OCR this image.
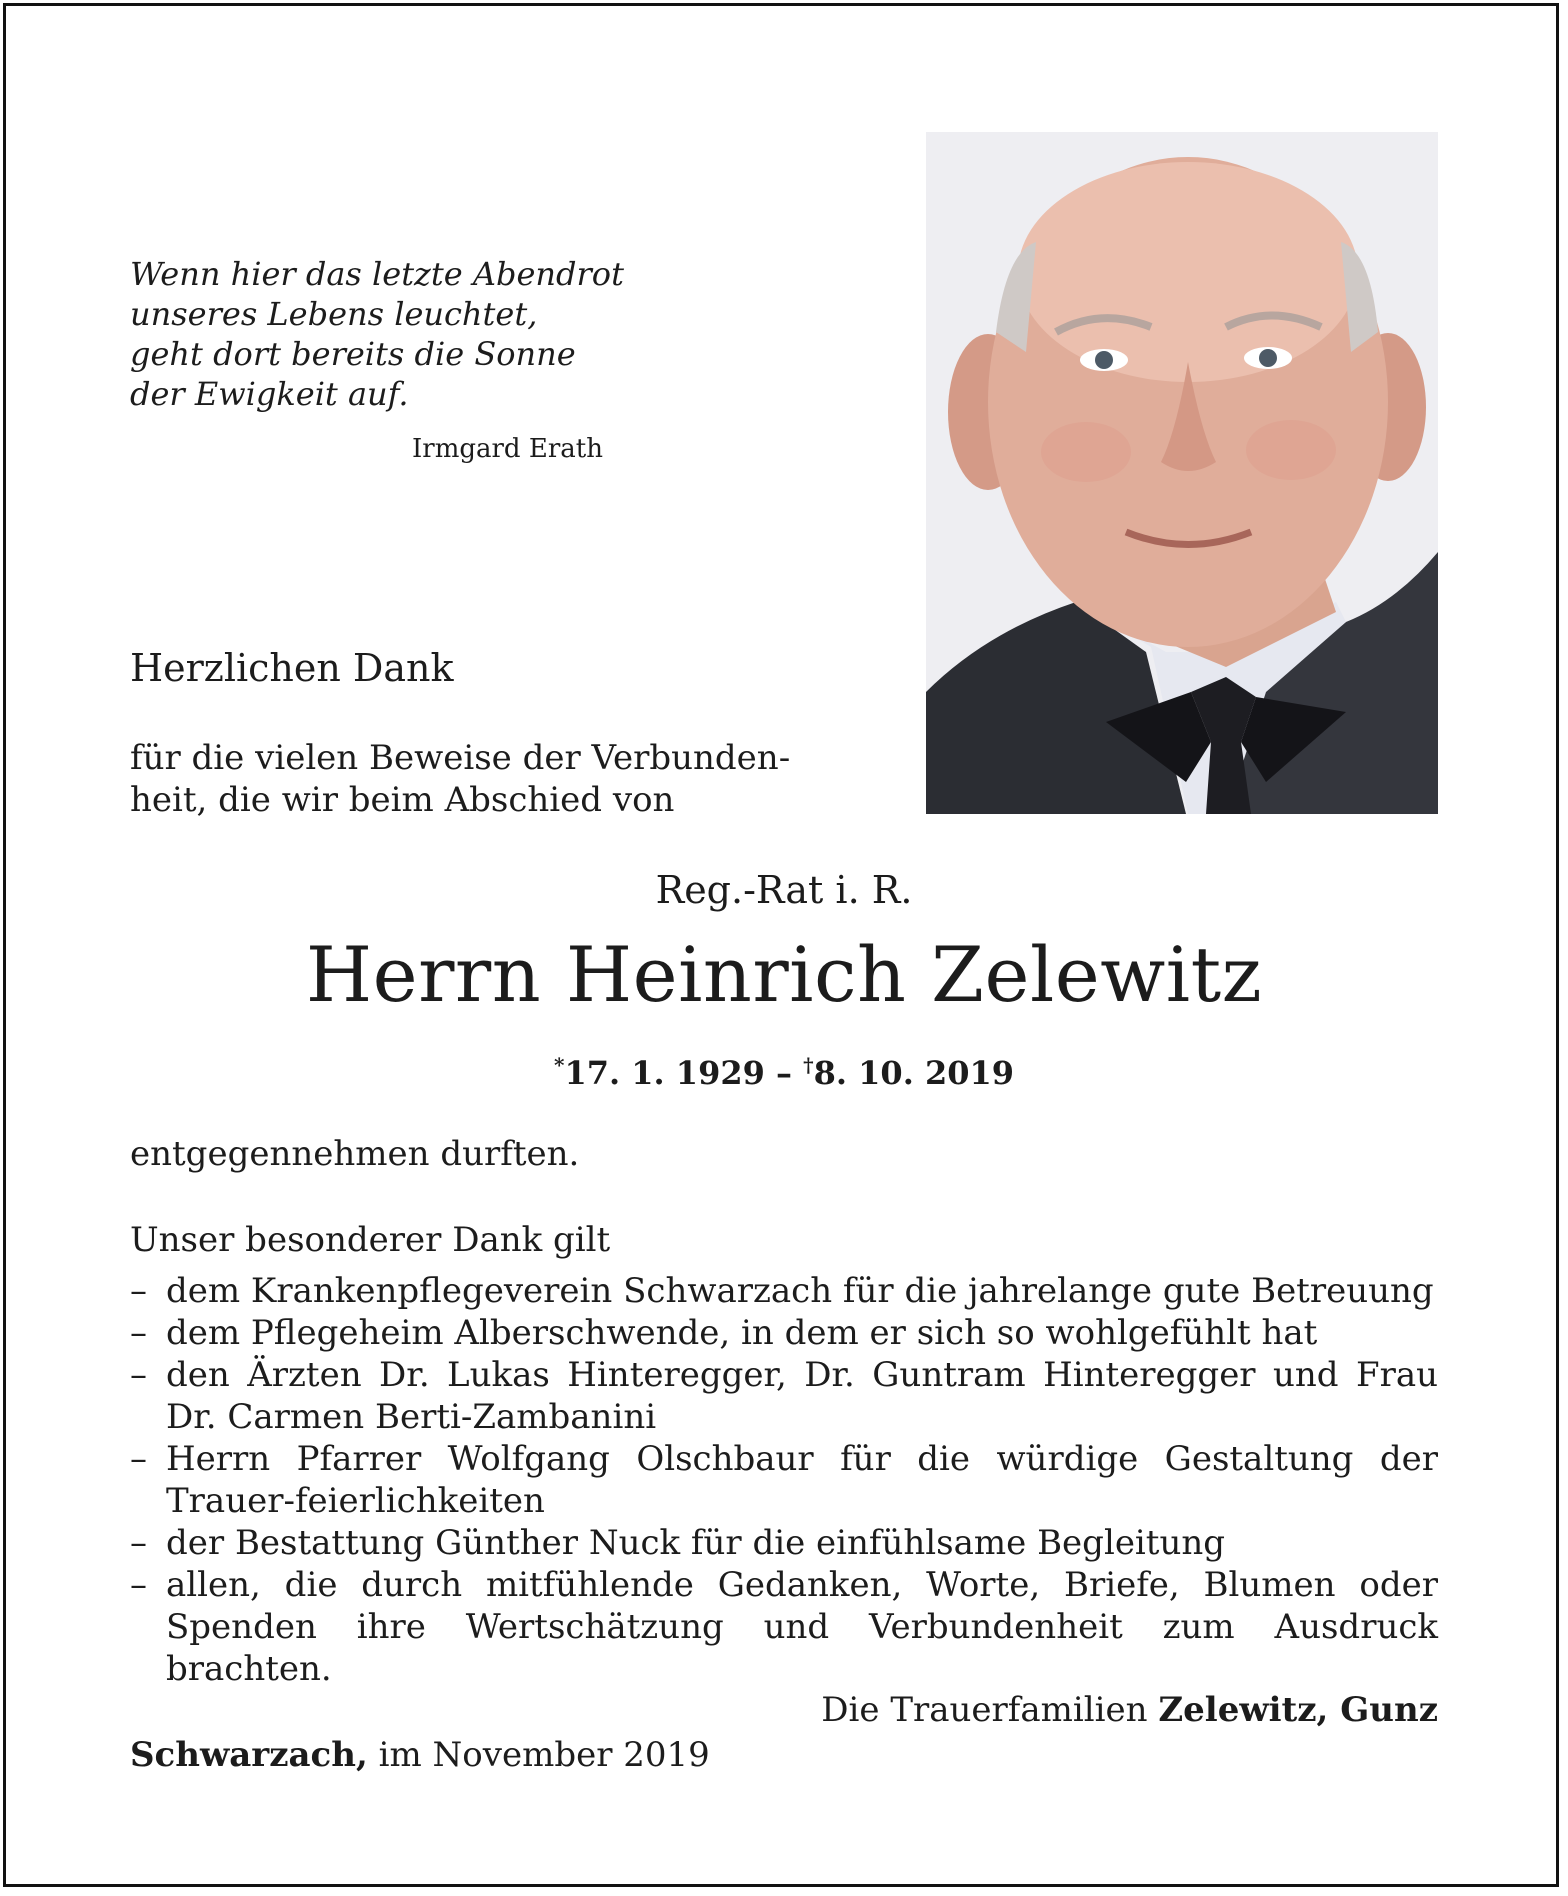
Wenn hier das letzte Abendrot
unseres Lebens leuchtet,
geht dort bereits die Sonne
der Ewigkeit auf.
Irmgard Erath
Herzlichen Dank
für die vielen Beweise der Verbunden-
heit, die wir beim Abschied von
Reg.-Rat i. R.
Herrn Heinrich Zelewitz
*17. 1. 1929 – †8. 10. 2019
entgegennehmen durften.
Unser besonderer Dank gilt
– dem Krankenpflegeverein Schwarzach für die jahrelange gute Betreuung
– dem Pflegeheim Alberschwende, in dem er sich so wohlgefühlt hat
– den Ärzten Dr. Lukas Hinteregger, Dr. Guntram Hinteregger und Frau Dr. Carmen Berti-Zambanini
– Herrn Pfarrer Wolfgang Olschbaur für die würdige Gestaltung der Trauer-feierlichkeiten
– der Bestattung Günther Nuck für die einfühlsame Begleitung
– allen, die durch mitfühlende Gedanken, Worte, Briefe, Blumen oder Spenden ihre Wertschätzung und Verbundenheit zum Ausdruck brachten.
Die Trauerfamilien Zelewitz, Gunz
Schwarzach, im November 2019
